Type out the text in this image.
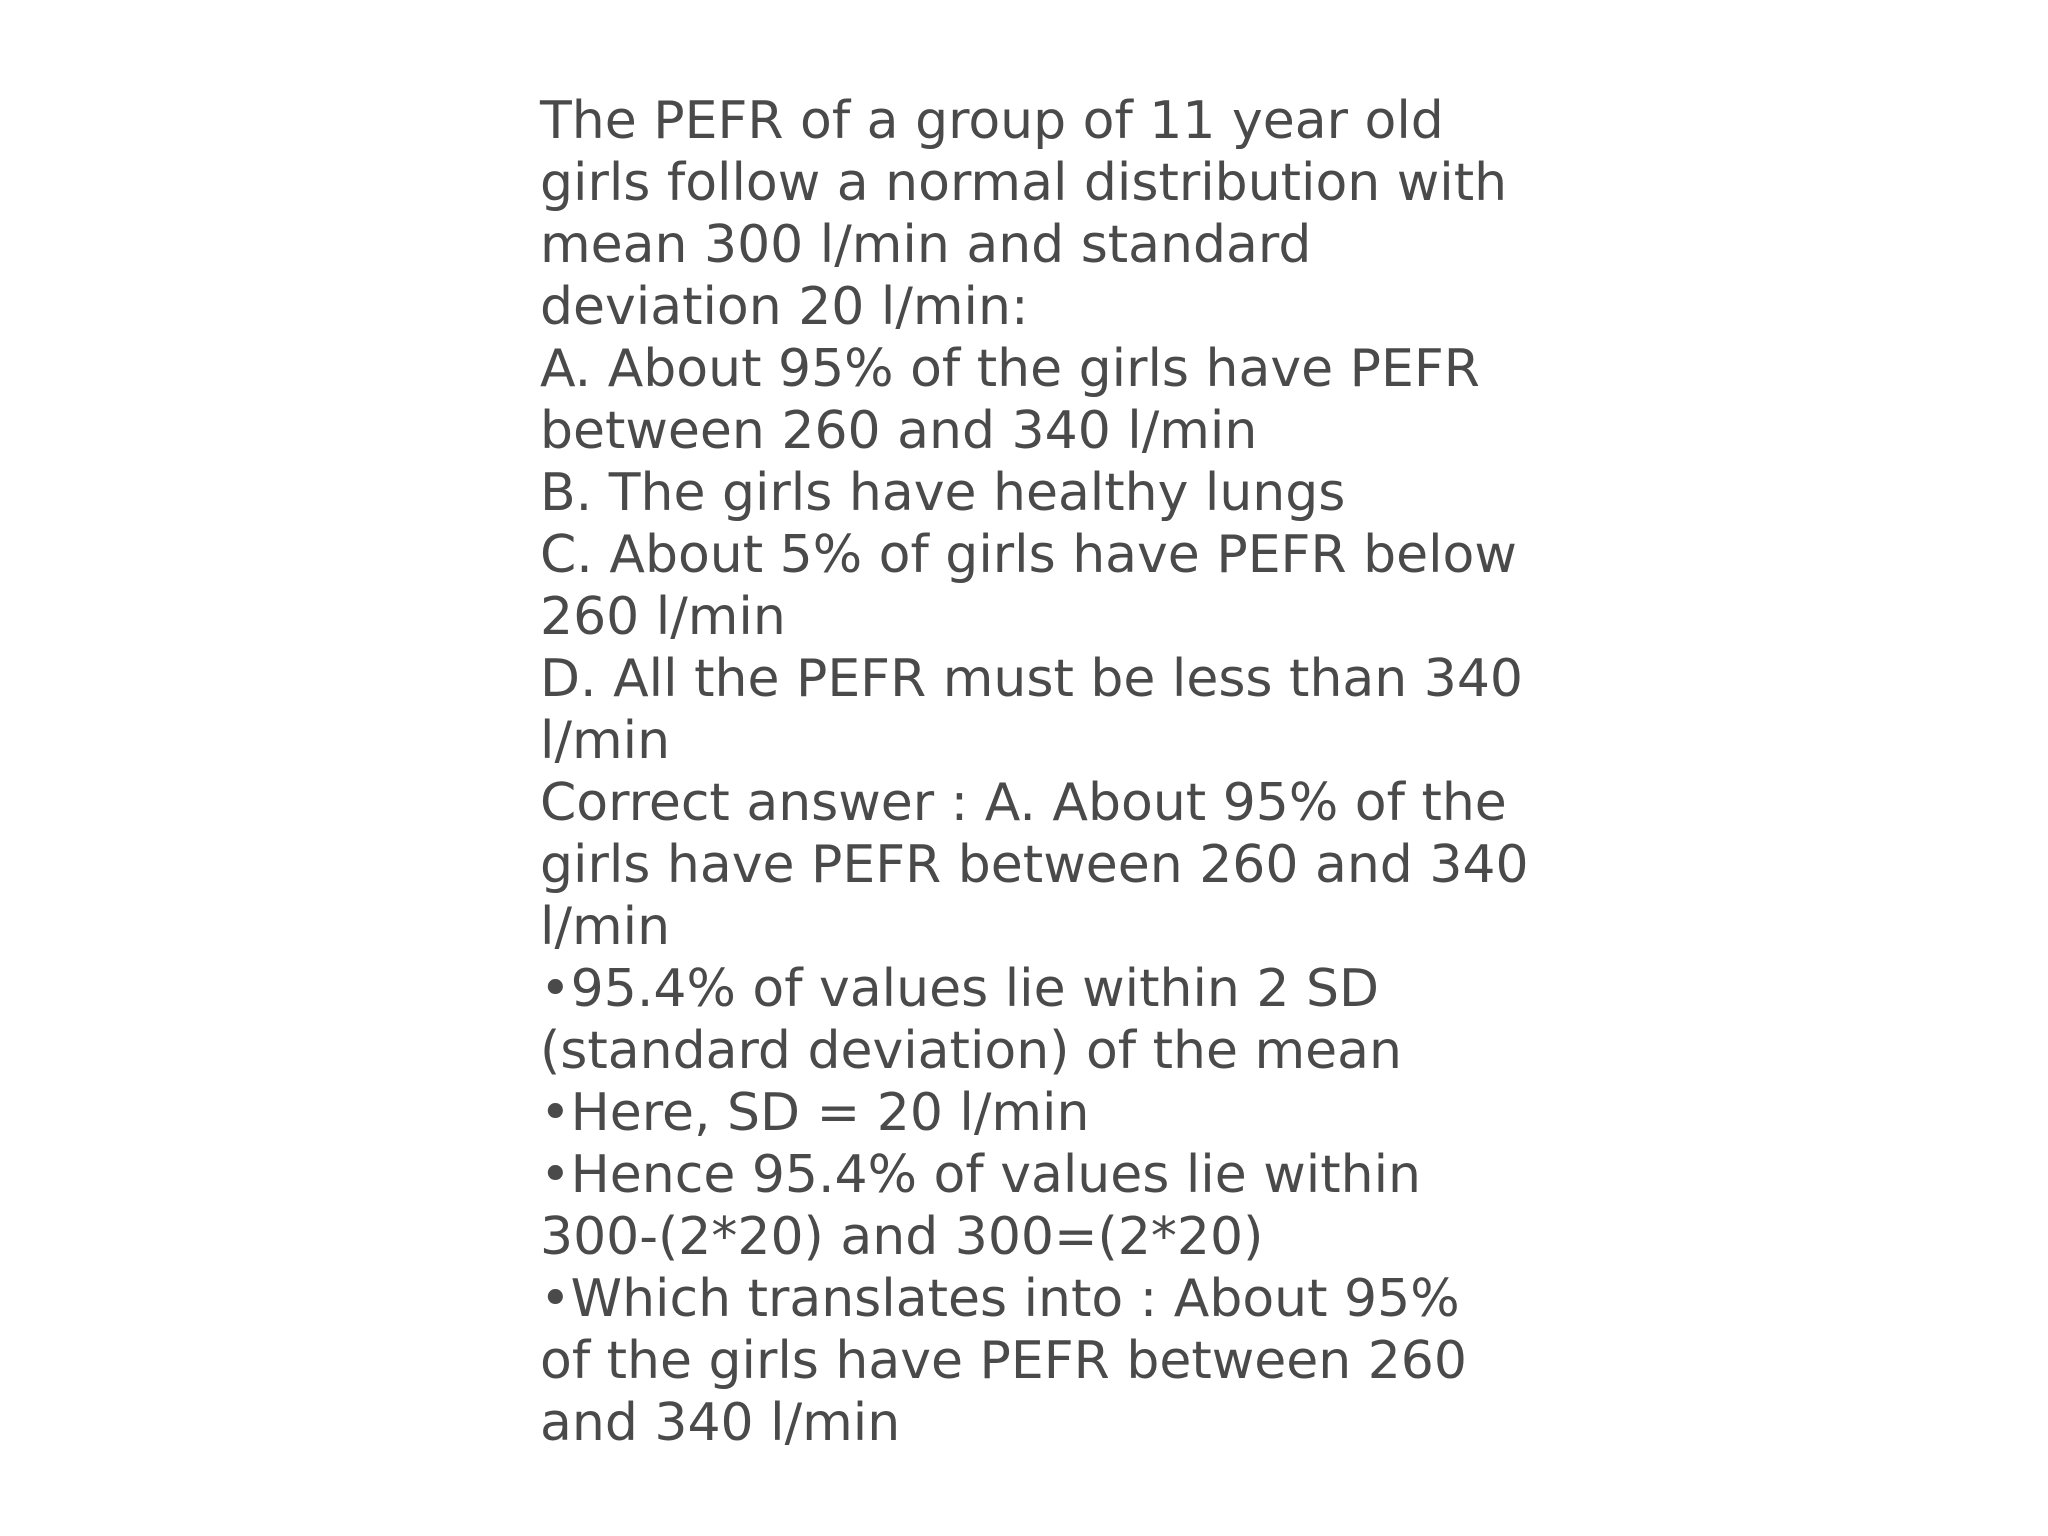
The PEFR of a group of 11 year old
girls follow a normal distribution with
mean 300 l/min and standard
deviation 20 l/min:
A. About 95% of the girls have PEFR
between 260 and 340 l/min
B. The girls have healthy lungs
C. About 5% of girls have PEFR below
260 l/min
D. All the PEFR must be less than 340
l/min
Correct answer : A. About 95% of the
girls have PEFR between 260 and 340
l/min
•95.4% of values lie within 2 SD
(standard deviation) of the mean
•Here, SD = 20 l/min
•Hence 95.4% of values lie within
300-(2*20) and 300=(2*20)
•Which translates into : About 95%
of the girls have PEFR between 260
and 340 l/min
